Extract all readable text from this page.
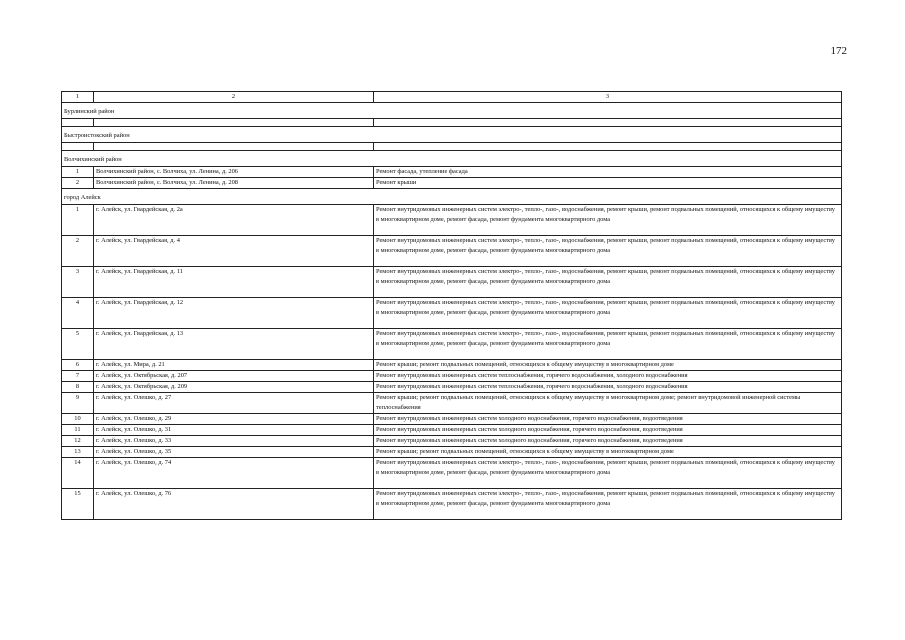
172
1	2	3
Бурлинский район		

Быстроистокский район		

Волчихинский район		
1	Волчихинский район, с. Волчиха, ул. Ленина, д. 206	Ремонт фасада, утепление фасада
2	Волчихинский район, с. Волчиха, ул. Ленина, д. 208	Ремонт крыши
город Алейск		
1	г. Алейск, ул. Гвардейская, д. 2а	Ремонт внутридомовых инженерных систем электро-, тепло-, газо-, водоснабжения, ремонт крыши, ремонт подвальных помещений, относящихся к общему имуществу в многоквартирном доме, ремонт фасада, ремонт фундамента многоквартирного дома
2	г. Алейск, ул. Гвардейская, д. 4	Ремонт внутридомовых инженерных систем электро-, тепло-, газо-, водоснабжения, ремонт крыши, ремонт подвальных помещений, относящихся к общему имуществу в многоквартирном доме, ремонт фасада, ремонт фундамента многоквартирного дома
3	г. Алейск, ул. Гвардейская, д. 11	Ремонт внутридомовых инженерных систем электро-, тепло-, газо-, водоснабжения, ремонт крыши, ремонт подвальных помещений, относящихся к общему имуществу в многоквартирном доме, ремонт фасада, ремонт фундамента многоквартирного дома
4	г. Алейск, ул. Гвардейская, д. 12	Ремонт внутридомовых инженерных систем электро-, тепло-, газо-, водоснабжения, ремонт крыши, ремонт подвальных помещений, относящихся к общему имуществу в многоквартирном доме, ремонт фасада, ремонт фундамента многоквартирного дома
5	г. Алейск, ул. Гвардейская, д. 13	Ремонт внутридомовых инженерных систем электро-, тепло-, газо-, водоснабжения, ремонт крыши, ремонт подвальных помещений, относящихся к общему имуществу в многоквартирном доме, ремонт фасада, ремонт фундамента многоквартирного дома
6	г. Алейск, ул. Мира, д. 21	Ремонт крыши; ремонт подвальных помещений, относящихся к общему имуществу в многоквартирном доме
7	г. Алейск, ул. Октябрьская, д. 207	Ремонт внутридомовых инженерных систем теплоснабжения, горячего водоснабжения, холодного водоснабжения
8	г. Алейск, ул. Октябрьская, д. 209	Ремонт внутридомовых инженерных систем теплоснабжения, горячего водоснабжения, холодного водоснабжения
9	г. Алейск, ул. Олешко, д. 27	Ремонт крыши; ремонт подвальных помещений, относящихся к общему имуществу в многоквартирном доме; ремонт внутридомовой инженерной системы теплоснабжения
10	г. Алейск, ул. Олешко, д. 29	Ремонт внутридомовых инженерных систем холодного водоснабжения, горячего водоснабжения, водоотведения
11	г. Алейск, ул. Олешко, д. 31	Ремонт внутридомовых инженерных систем холодного водоснабжения, горячего водоснабжения, водоотведения
12	г. Алейск, ул. Олешко, д. 33	Ремонт внутридомовых инженерных систем холодного водоснабжения, горячего водоснабжения, водоотведения
13	г. Алейск, ул. Олешко, д. 35	Ремонт крыши; ремонт подвальных помещений, относящихся к общему имуществу в многоквартирном доме
14	г. Алейск, ул. Олешко, д. 74	Ремонт внутридомовых инженерных систем электро-, тепло-, газо-, водоснабжения, ремонт крыши, ремонт подвальных помещений, относящихся к общему имуществу в многоквартирном доме, ремонт фасада, ремонт фундамента многоквартирного дома
15	г. Алейск, ул. Олешко, д. 76	Ремонт внутридомовых инженерных систем электро-, тепло-, газо-, водоснабжения, ремонт крыши, ремонт подвальных помещений, относящихся к общему имуществу в многоквартирном доме, ремонт фасада, ремонт фундамента многоквартирного дома
